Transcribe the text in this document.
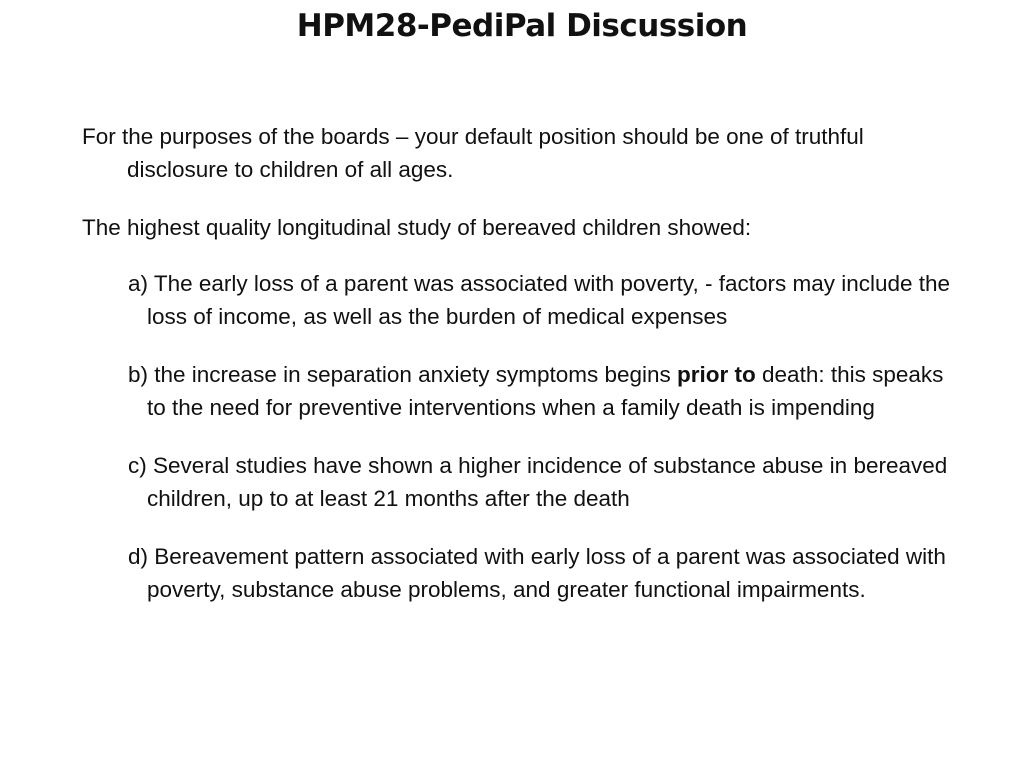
HPM28-PediPal Discussion

For the purposes of the boards – your default position should be one of truthful disclosure to children of all ages.

The highest quality longitudinal study of bereaved children showed:

a) The early loss of a parent was associated with poverty, - factors may include the loss of income, as well as the burden of medical expenses

b) the increase in separation anxiety symptoms begins prior to death: this speaks to the need for preventive interventions when a family death is impending

c) Several studies have shown a higher incidence of substance abuse in bereaved children, up to at least 21 months after the death

d) Bereavement pattern associated with early loss of a parent was associated with poverty, substance abuse problems, and greater functional impairments.
